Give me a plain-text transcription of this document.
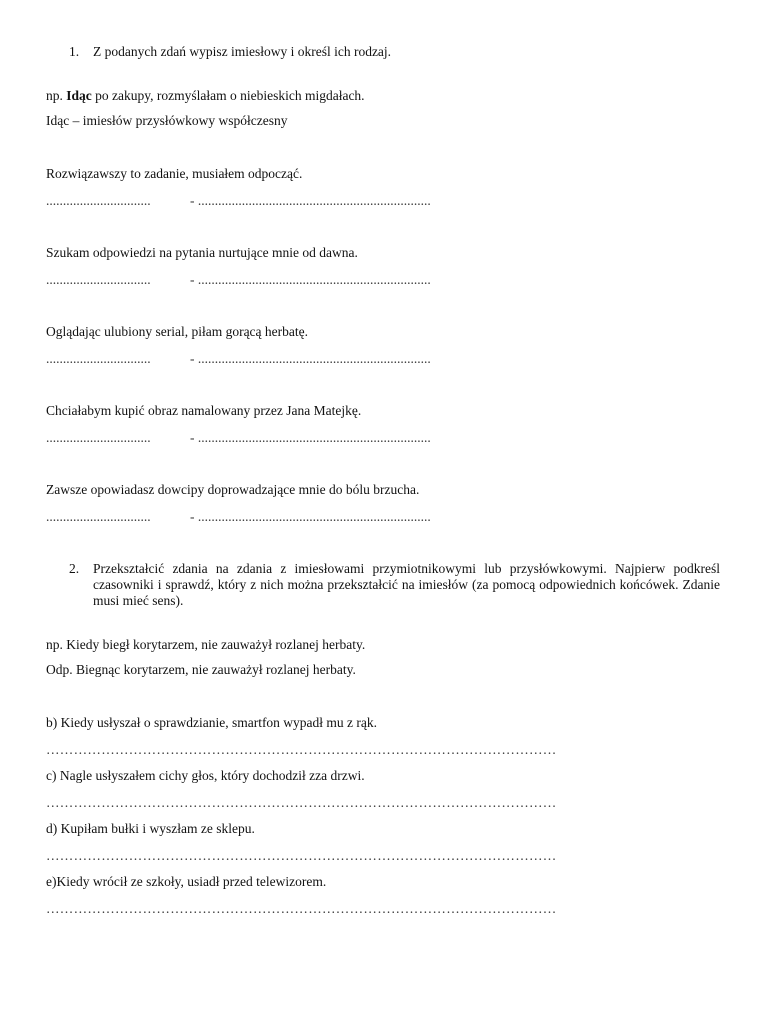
1. Z podanych zdań wypisz imiesłowy i określ ich rodzaj.
np. Idąc po zakupy, rozmyślałam o niebieskich migdałach.
Idąc – imiesłów przysłówkowy współczesny
Rozwiązawszy to zadanie, musiałem odpocząć.
...............................	- .....................................................................
Szukam odpowiedzi na pytania nurtujące mnie od dawna.
...............................	- .....................................................................
Oglądając ulubiony serial, piłam gorącą herbatę.
...............................	- .....................................................................
Chciałabym kupić obraz namalowany przez Jana Matejkę.
...............................	- .....................................................................
Zawsze opowiadasz dowcipy doprowadzające mnie do bólu brzucha.
...............................	- .....................................................................
2. Przekształcić zdania na zdania z imiesłowami przymiotnikowymi lub przysłówkowymi. Najpierw podkreśl czasowniki i sprawdź, który z nich można przekształcić na imiesłów (za pomocą odpowiednich końcówek. Zdanie musi mieć sens).
np. Kiedy biegł korytarzem, nie zauważył rozlanej herbaty.
Odp. Biegnąc korytarzem, nie zauważył rozlanej herbaty.
b) Kiedy usłyszał o sprawdzianie, smartfon wypadł mu z rąk.
…………………………………………………………………………………………………
c) Nagle usłyszałem cichy głos, który dochodził zza drzwi.
…………………………………………………………………………………………………
d) Kupiłam bułki i wyszłam ze sklepu.
…………………………………………………………………………………………………
e)Kiedy wrócił ze szkoły, usiadł przed telewizorem.
…………………………………………………………………………………………………
